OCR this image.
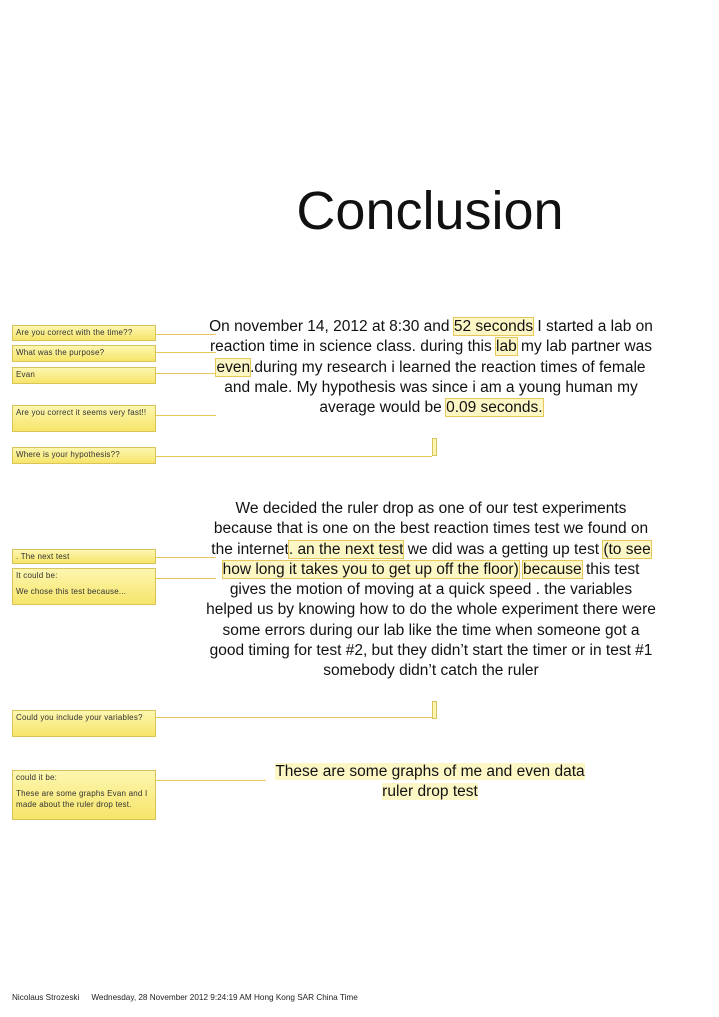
Conclusion

On november 14, 2012 at 8:30 and 52 seconds I started a lab on reaction time in science class. during this lab my lab partner was even.during my research i learned the reaction times of female and male. My hypothesis was since i am a young human my average would be 0.09 seconds.

We decided the ruler drop as one of our test experiments because that is one on the best reaction times test we found on the internet. an the next test we did was a getting up test (to see how long it takes you to get up off the floor) because this test gives the motion of moving at a quick speed . the variables helped us by knowing how to do the whole experiment there were some errors during our lab like the time when someone got a good timing for test #2, but they didn’t start the timer or in test #1 somebody didn’t catch the ruler

These are some graphs of me and even data
ruler drop test

Are you correct with the time??
What was the purpose?
Evan
Are you correct it seems very fast!!
Where is your hypothesis??
. The next test
It could be:
We chose this test because...
Could you include your variables?
could it be:
These are some graphs Evan and I made about the ruler drop test.
Nicolaus Strozeski Wednesday, 28 November 2012 9:24:19 AM Hong Kong SAR China Time
